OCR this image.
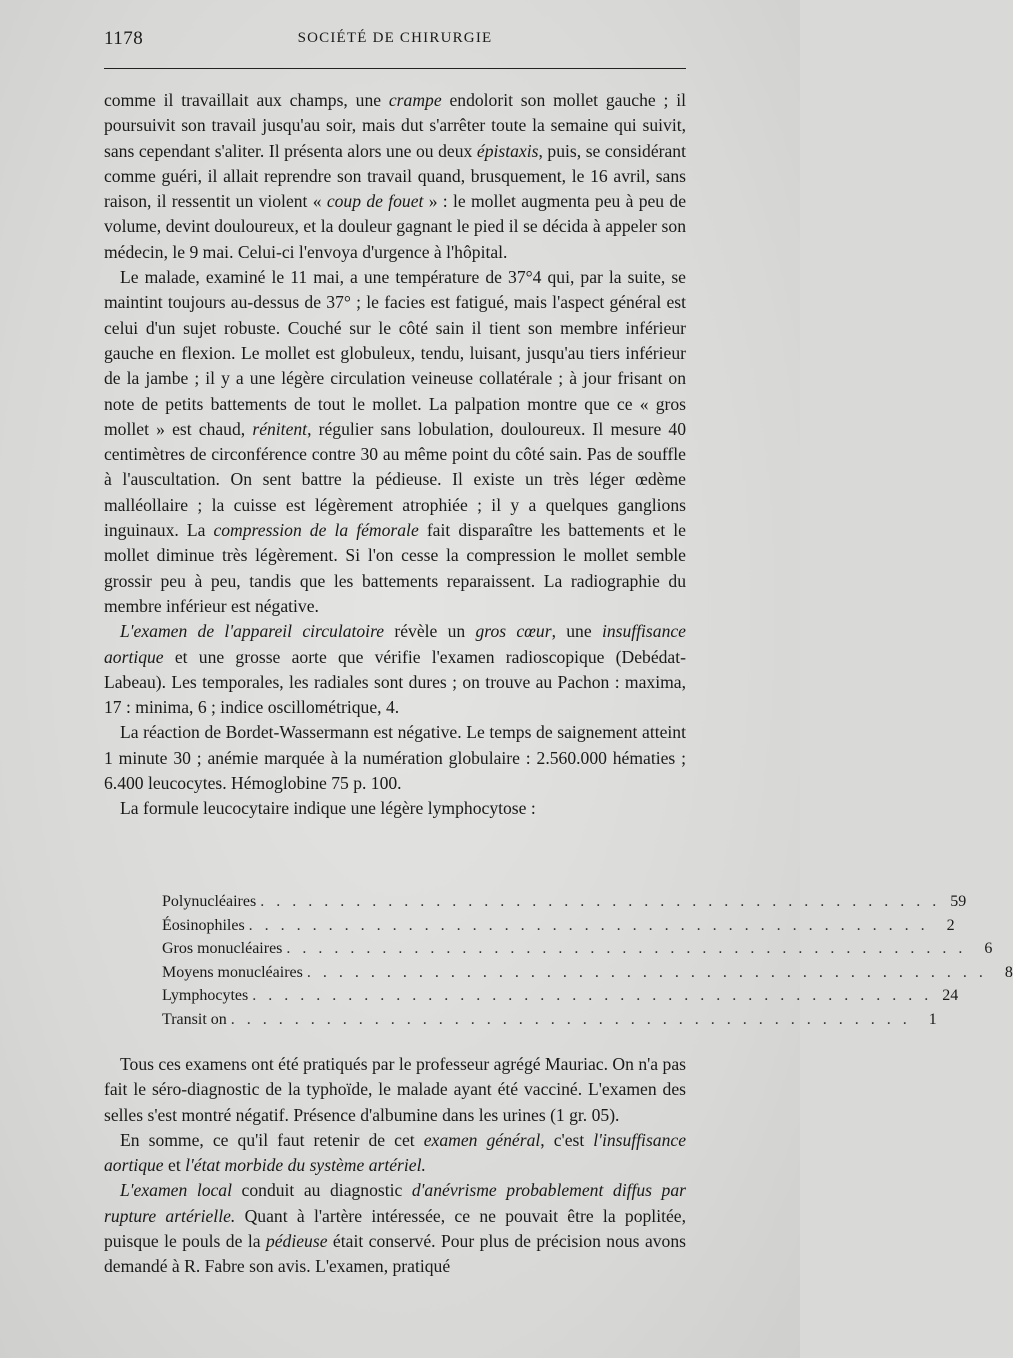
1178	SOCIÉTÉ DE CHIRURGIE

comme il travaillait aux champs, une crampe endolorit son mollet gauche ; il poursuivit son travail jusqu'au soir, mais dut s'arrêter toute la semaine qui suivit, sans cependant s'aliter. Il présenta alors une ou deux épistaxis, puis, se considérant comme guéri, il allait reprendre son travail quand, brusquement, le 16 avril, sans raison, il ressentit un violent « coup de fouet » : le mollet augmenta peu à peu de volume, devint douloureux, et la douleur gagnant le pied il se décida à appeler son médecin, le 9 mai. Celui-ci l'envoya d'urgence à l'hôpital.

Le malade, examiné le 11 mai, a une température de 37°4 qui, par la suite, se maintint toujours au-dessus de 37° ; le facies est fatigué, mais l'aspect général est celui d'un sujet robuste. Couché sur le côté sain il tient son membre inférieur gauche en flexion. Le mollet est globuleux, tendu, luisant, jusqu'au tiers inférieur de la jambe ; il y a une légère circulation veineuse collatérale ; à jour frisant on note de petits battements de tout le mollet. La palpation montre que ce « gros mollet » est chaud, rénitent, régulier sans lobulation, douloureux. Il mesure 40 centimètres de circonférence contre 30 au même point du côté sain. Pas de souffle à l'auscultation. On sent battre la pédieuse. Il existe un très léger œdème malléollaire ; la cuisse est légèrement atrophiée ; il y a quelques ganglions inguinaux. La compression de la fémorale fait disparaître les battements et le mollet diminue très légèrement. Si l'on cesse la compression le mollet semble grossir peu à peu, tandis que les battements reparaissent. La radiographie du membre inférieur est négative.

L'examen de l'appareil circulatoire révèle un gros cœur, une insuffisance aortique et une grosse aorte que vérifie l'examen radioscopique (Debédat-Labeau). Les temporales, les radiales sont dures ; on trouve au Pachon : maxima, 17 : minima, 6 ; indice oscillométrique, 4.

La réaction de Bordet-Wassermann est négative. Le temps de saignement atteint 1 minute 30 ; anémie marquée à la numération globulaire : 2.560.000 hématies ; 6.400 leucocytes. Hémoglobine 75 p. 100.

La formule leucocytaire indique une légère lymphocytose :

Polynucléaires . . . . . . . . . . . . . . . . . . . . . . . . . . . . . . . . . . . . . . . . . . . 59
Éosinophiles . . . . . . . . . . . . . . . . . . . . . . . . . . . . . . . . . . . . . . . . . . .	2
Gros monucléaires . . . . . . . . . . . . . . . . . . . . . . . . . . . . . . . . . . . . . . . . . . .	6
Moyens monucléaires . . . . . . . . . . . . . . . . . . . . . . . . . . . . . . . . . . . . . . . . . . .	8
Lymphocytes . . . . . . . . . . . . . . . . . . . . . . . . . . . . . . . . . . . . . . . . . . . 24
Transit on . . . . . . . . . . . . . . . . . . . . . . . . . . . . . . . . . . . . . . . . . . .	1

Tous ces examens ont été pratiqués par le professeur agrégé Mauriac. On n'a pas fait le séro-diagnostic de la typhoïde, le malade ayant été vacciné. L'examen des selles s'est montré négatif. Présence d'albumine dans les urines (1 gr. 05).

En somme, ce qu'il faut retenir de cet examen général, c'est l'insuffisance aortique et l'état morbide du système artériel.

L'examen local conduit au diagnostic d'anévrisme probablement diffus par rupture artérielle. Quant à l'artère intéressée, ce ne pouvait être la poplitée, puisque le pouls de la pédieuse était conservé. Pour plus de précision nous avons demandé à R. Fabre son avis. L'examen, pratiqué
